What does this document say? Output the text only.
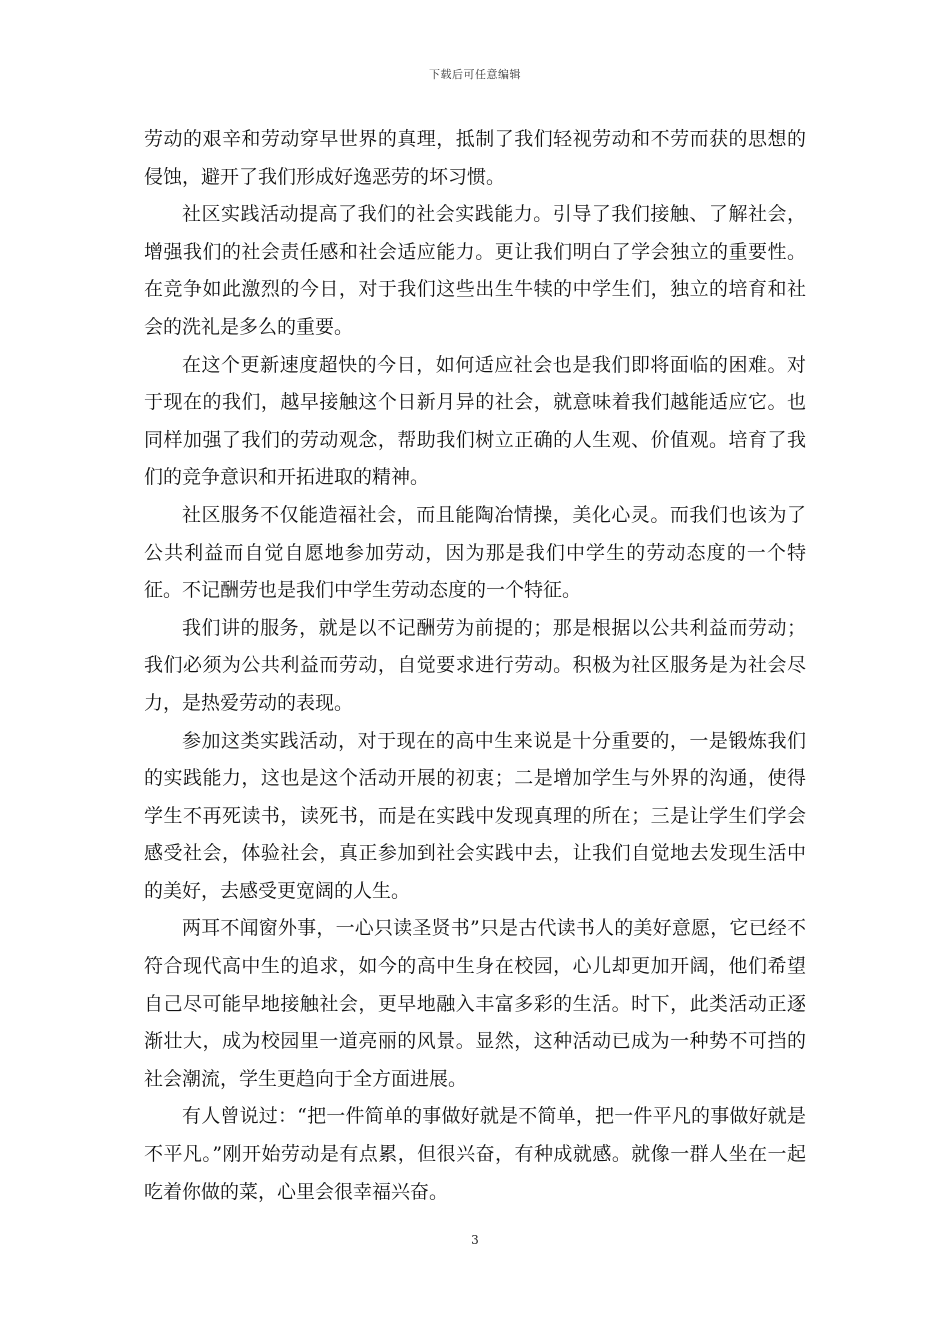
下载后可任意编辑

劳动的艰辛和劳动穿早世界的真理，抵制了我们轻视劳动和不劳而获的思想的侵蚀，避开了我们形成好逸恶劳的坏习惯。

社区实践活动提高了我们的社会实践能力。引导了我们接触、了解社会，增强我们的社会责任感和社会适应能力。更让我们明白了学会独立的重要性。在竞争如此激烈的今日，对于我们这些出生牛犊的中学生们，独立的培育和社会的洗礼是多么的重要。

在这个更新速度超快的今日，如何适应社会也是我们即将面临的困难。对于现在的我们，越早接触这个日新月异的社会，就意味着我们越能适应它。也同样加强了我们的劳动观念，帮助我们树立正确的人生观、价值观。培育了我们的竞争意识和开拓进取的精神。

社区服务不仅能造福社会，而且能陶冶情操，美化心灵。而我们也该为了公共利益而自觉自愿地参加劳动，因为那是我们中学生的劳动态度的一个特征。不记酬劳也是我们中学生劳动态度的一个特征。

我们讲的服务，就是以不记酬劳为前提的；那是根据以公共利益而劳动；我们必须为公共利益而劳动，自觉要求进行劳动。积极为社区服务是为社会尽力，是热爱劳动的表现。

参加这类实践活动，对于现在的高中生来说是十分重要的，一是锻炼我们的实践能力，这也是这个活动开展的初衷；二是增加学生与外界的沟通，使得学生不再死读书，读死书，而是在实践中发现真理的所在；三是让学生们学会感受社会，体验社会，真正参加到社会实践中去，让我们自觉地去发现生活中的美好，去感受更宽阔的人生。

两耳不闻窗外事，一心只读圣贤书”只是古代读书人的美好意愿，它已经不符合现代高中生的追求，如今的高中生身在校园，心儿却更加开阔，他们希望自己尽可能早地接触社会，更早地融入丰富多彩的生活。时下，此类活动正逐渐壮大，成为校园里一道亮丽的风景。显然，这种活动已成为一种势不可挡的社会潮流，学生更趋向于全方面进展。

有人曾说过：“把一件简单的事做好就是不简单，把一件平凡的事做好就是不平凡。”刚开始劳动是有点累，但很兴奋，有种成就感。就像一群人坐在一起吃着你做的菜，心里会很幸福兴奋。

3
